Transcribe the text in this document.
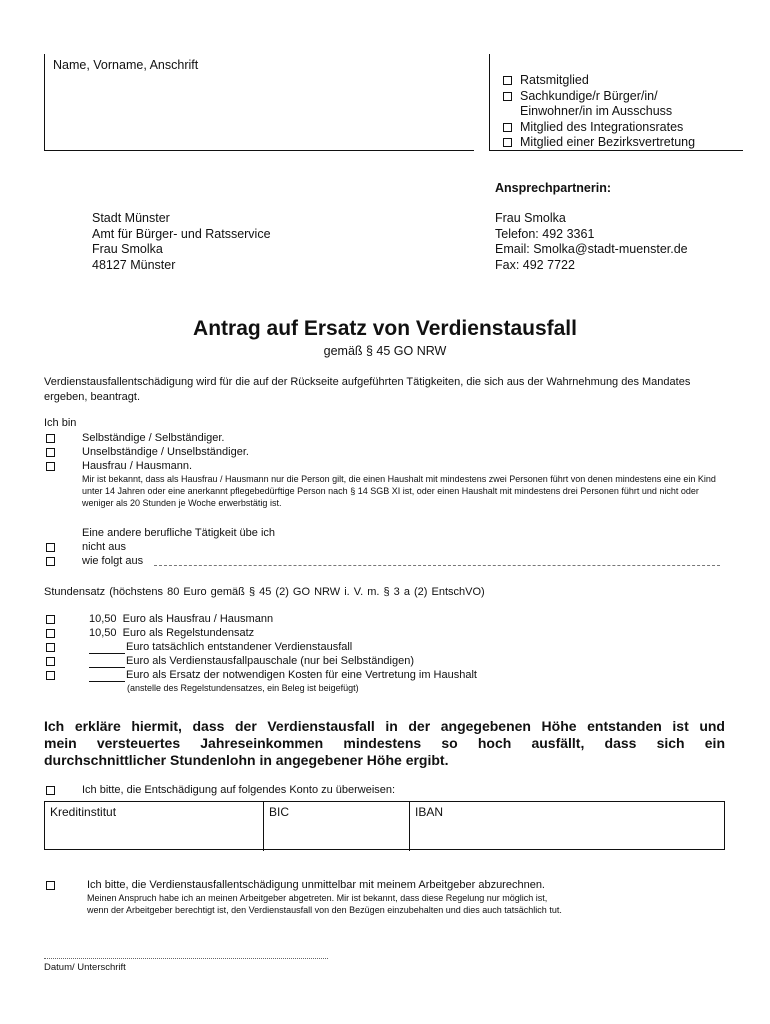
Name, Vorname, Anschrift
Ratsmitglied
Sachkundige/r Bürger/in/
Einwohner/in im Ausschuss
Mitglied des Integrationsrates
Mitglied einer Bezirksvertretung
Ansprechpartnerin:
Frau Smolka
Telefon: 492 3361
Email: Smolka@stadt-muenster.de
Fax: 492 7722
Stadt Münster
Amt für Bürger- und Ratsservice
Frau Smolka
48127 Münster
Antrag auf Ersatz von Verdienstausfall
gemäß § 45 GO NRW
Verdienstausfallentschädigung wird für die auf der Rückseite aufgeführten Tätigkeiten, die sich aus der Wahrnehmung des Mandates ergeben, beantragt.
Ich bin
Selbständige / Selbständiger.
Unselbständige / Unselbständiger.
Hausfrau / Hausmann.
Mir ist bekannt, dass als Hausfrau / Hausmann nur die Person gilt, die einen Haushalt mit mindestens zwei Personen führt von denen mindestens eine ein Kind unter 14 Jahren oder eine anerkannt pflegebedürftige Person nach § 14 SGB XI ist, oder einen Haushalt mit mindestens drei Personen führt und nicht oder weniger als 20 Stunden je Woche erwerbstätig ist.
Eine andere berufliche Tätigkeit übe ich
nicht aus
wie folgt aus
Stundensatz (höchstens 80 Euro gemäß § 45 (2) GO NRW i. V. m. § 3 a (2) EntschVO)
10,50 Euro als Hausfrau / Hausmann
10,50 Euro als Regelstundensatz
Euro tatsächlich entstandener Verdienstausfall
Euro als Verdienstausfallpauschale (nur bei Selbständigen)
Euro als Ersatz der notwendigen Kosten für eine Vertretung im Haushalt
(anstelle des Regelstundensatzes, ein Beleg ist beigefügt)
Ich erkläre hiermit, dass der Verdienstausfall in der angegebenen Höhe entstanden ist und
mein versteuertes Jahreseinkommen mindestens so hoch ausfällt, dass sich ein
durchschnittlicher Stundenlohn in angegebener Höhe ergibt.
Ich bitte, die Entschädigung auf folgendes Konto zu überweisen:
Kreditinstitut	BIC	IBAN
Ich bitte, die Verdienstausfallentschädigung unmittelbar mit meinem Arbeitgeber abzurechnen.
Meinen Anspruch habe ich an meinen Arbeitgeber abgetreten. Mir ist bekannt, dass diese Regelung nur möglich ist,
wenn der Arbeitgeber berechtigt ist, den Verdienstausfall von den Bezügen einzubehalten und dies auch tatsächlich tut.
Datum/ Unterschrift
